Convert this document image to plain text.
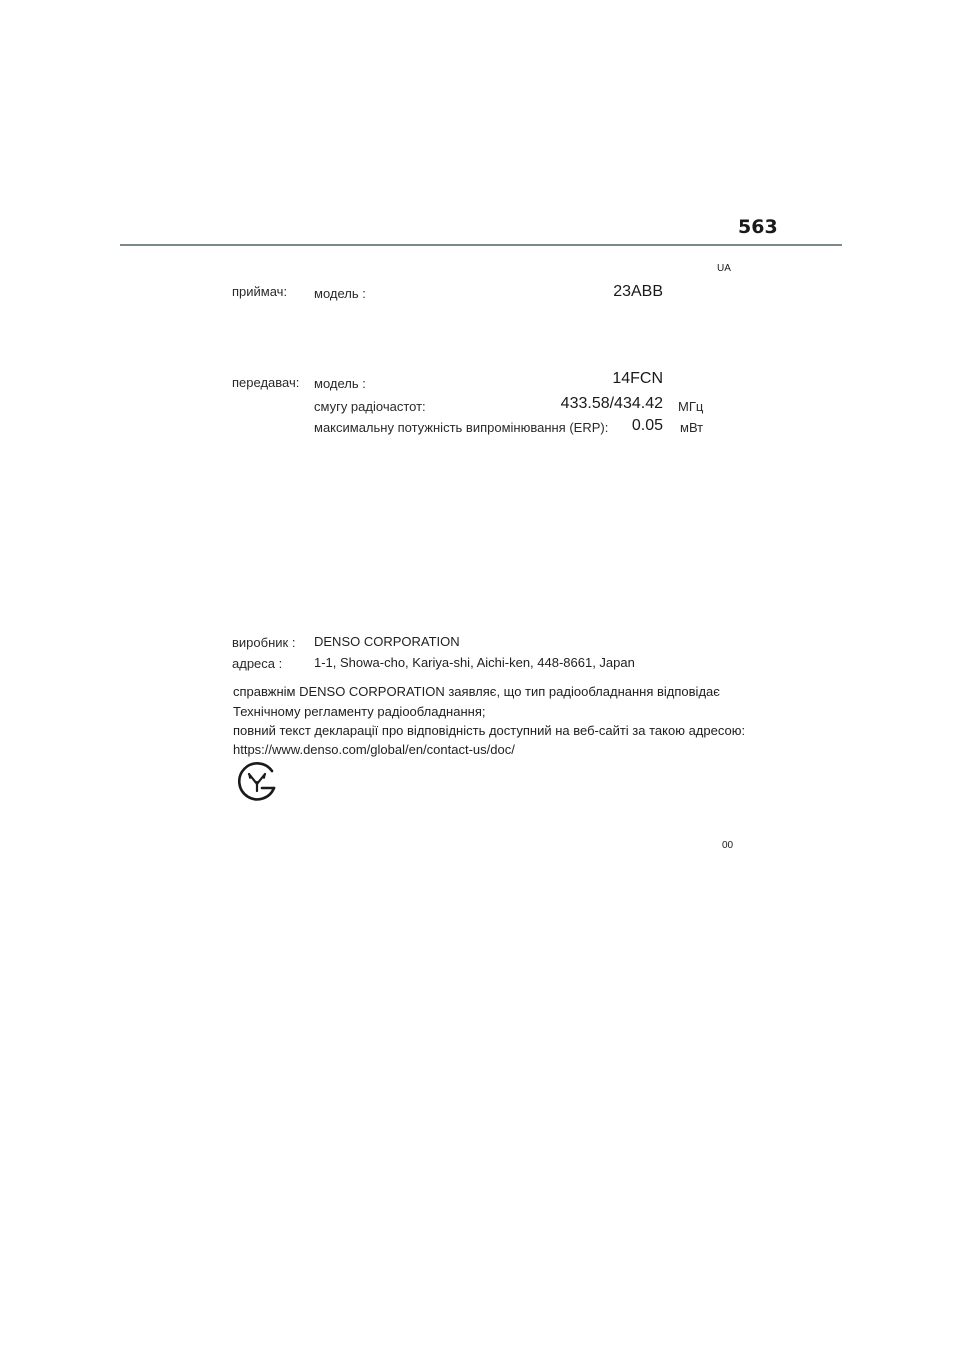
563
UA
приймач: модель :	23ABB
передавач: модель :	14FCN
смугу радіочастот:	433.58/434.42 МГц
максимальну потужність випромінювання (ERP): 0.05 мВт
виробник : DENSO CORPORATION
адреса : 1-1, Showa-cho, Kariya-shi, Aichi-ken, 448-8661, Japan
справжнім DENSO CORPORATION заявляє, що тип радіообладнання відповідає
Технічному регламенту радіообладнання;
повний текст декларації про відповідність доступний на веб-сайті за такою адресою:
https://www.denso.com/global/en/contact-us/doc/
00
